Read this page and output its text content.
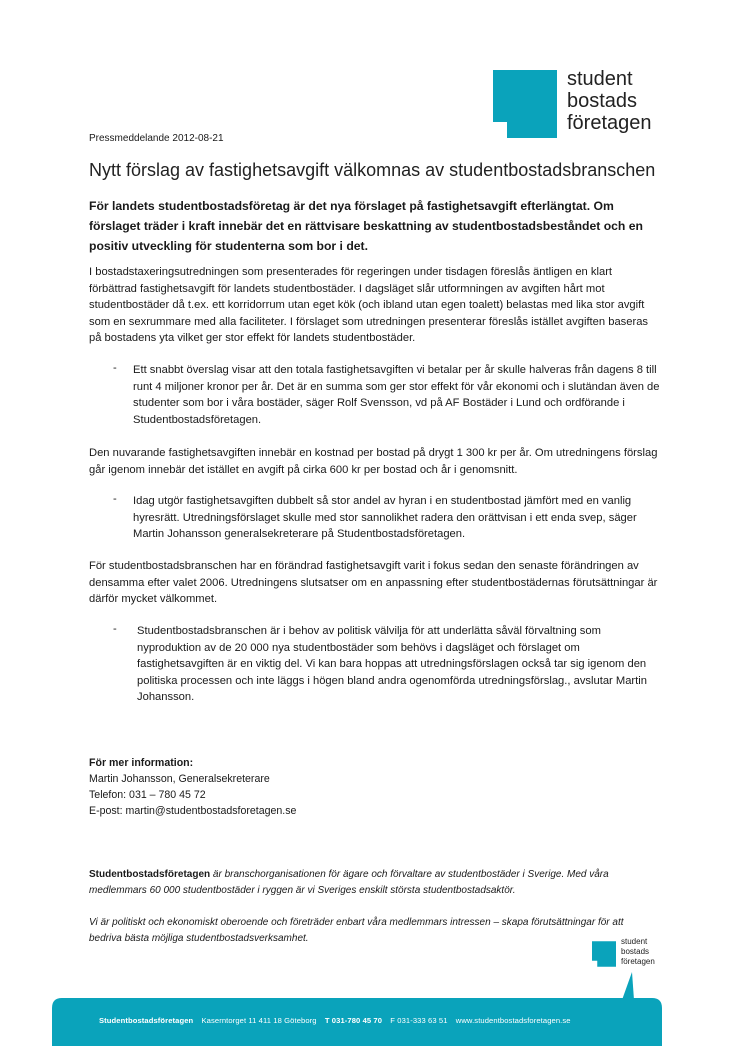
student
bostads
företagen
Pressmeddelande 2012-08-21
Nytt förslag av fastighetsavgift välkomnas av studentbostadsbranschen
För landets studentbostadsföretag är det nya förslaget på fastighetsavgift efterlängtat. Om förslaget träder i kraft innebär det en rättvisare beskattning av studentbostadsbeståndet och en positiv utveckling för studenterna som bor i det.
I bostadstaxeringsutredningen som presenterades för regeringen under tisdagen föreslås äntligen en klart förbättrad fastighetsavgift för landets studentbostäder. I dagsläget slår utformningen av avgiften hårt mot studentbostäder då t.ex. ett korridorrum utan eget kök (och ibland utan egen toalett) belastas med lika stor avgift som en sexrummare med alla faciliteter. I förslaget som utredningen presenterar föreslås istället avgiften baseras på bostadens yta vilket ger stor effekt för landets studentbostäder.
- Ett snabbt överslag visar att den totala fastighetsavgiften vi betalar per år skulle halveras från dagens 8 till runt 4 miljoner kronor per år. Det är en summa som ger stor effekt för vår ekonomi och i slutändan även de studenter som bor i våra bostäder, säger Rolf Svensson, vd på AF Bostäder i Lund och ordförande i Studentbostadsföretagen.
Den nuvarande fastighetsavgiften innebär en kostnad per bostad på drygt 1 300 kr per år. Om utredningens förslag går igenom innebär det istället en avgift på cirka 600 kr per bostad och år i genomsnitt.
- Idag utgör fastighetsavgiften dubbelt så stor andel av hyran i en studentbostad jämfört med en vanlig hyresrätt. Utredningsförslaget skulle med stor sannolikhet radera den orättvisan i ett enda svep, säger Martin Johansson generalsekreterare på Studentbostadsföretagen.
För studentbostadsbranschen har en förändrad fastighetsavgift varit i fokus sedan den senaste förändringen av densamma efter valet 2006. Utredningens slutsatser om en anpassning efter studentbostädernas förutsättningar är därför mycket välkommet.
- Studentbostadsbranschen är i behov av politisk välvilja för att underlätta såväl förvaltning som nyproduktion av de 20 000 nya studentbostäder som behövs i dagsläget och förslaget om fastighetsavgiften är en viktig del. Vi kan bara hoppas att utredningsförslagen också tar sig igenom den politiska processen och inte läggs i högen bland andra ogenomförda utredningsförslag., avslutar Martin Johansson.
För mer information:
Martin Johansson, Generalsekreterare
Telefon: 031 – 780 45 72
E-post: martin@studentbostadsforetagen.se
Studentbostadsföretagen är branschorganisationen för ägare och förvaltare av studentbostäder i Sverige. Med våra medlemmars 60 000 studentbostäder i ryggen är vi Sveriges enskilt största studentbostadsaktör.
Vi är politiskt och ekonomiskt oberoende och företräder enbart våra medlemmars intressen – skapa förutsättningar för att bedriva bästa möjliga studentbostadsverksamhet.	student
bostads
företagen
Studentbostadsföretagen Kaserntorget 11 411 18 Göteborg T 031-780 45 70 F 031-333 63 51 www.studentbostadsforetagen.se
